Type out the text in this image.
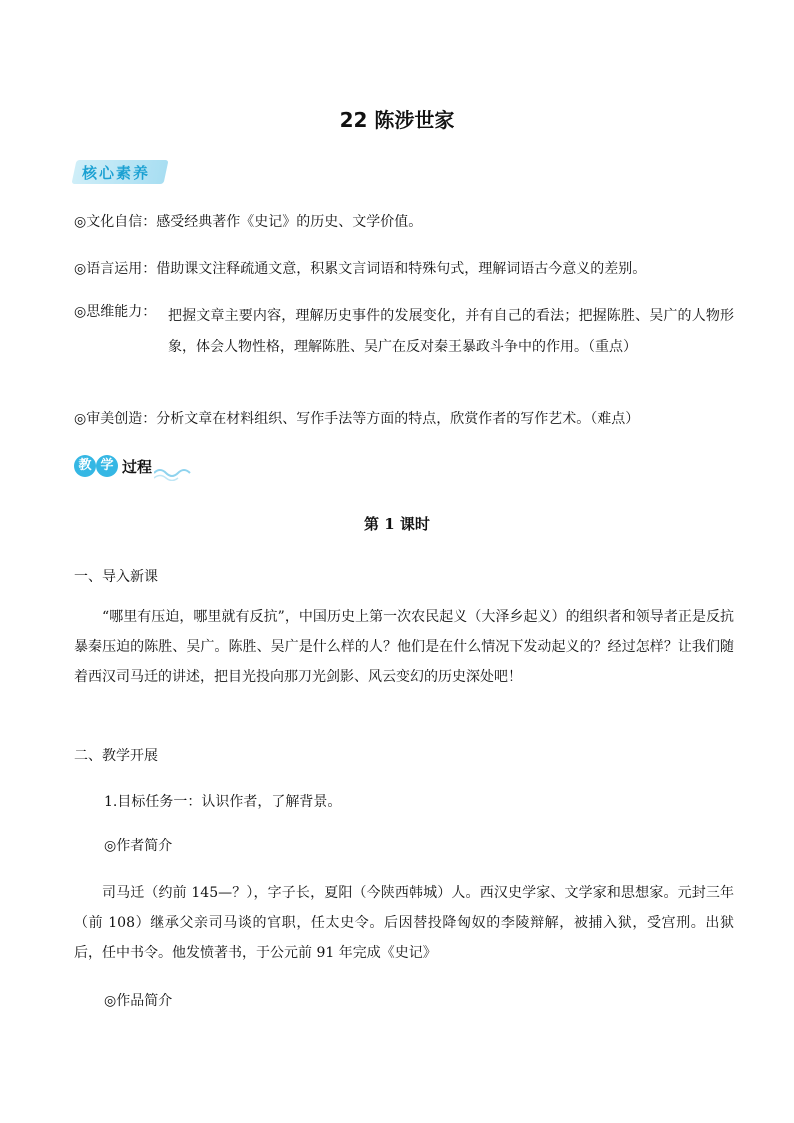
22 陈涉世家
核心素养
◎文化自信：感受经典著作《史记》的历史、文学价值。
◎语言运用：借助课文注释疏通文意，积累文言词语和特殊句式，理解词语古今意义的差别。
◎思维能力： 把握文章主要内容，理解历史事件的发展变化，并有自己的看法；把握陈胜、吴广的人物形象，体会人物性格，理解陈胜、吴广在反对秦王暴政斗争中的作用。（重点）
◎审美创造：分析文章在材料组织、写作手法等方面的特点，欣赏作者的写作艺术。（难点）
教 学 过程
第 1 课时
一、导入新课
“哪里有压迫，哪里就有反抗”，中国历史上第一次农民起义（大泽乡起义）的组织者和领导者正是反抗暴秦压迫的陈胜、吴广。陈胜、吴广是什么样的人？他们是在什么情况下发动起义的？经过怎样？让我们随着西汉司马迁的讲述，把目光投向那刀光剑影、风云变幻的历史深处吧！
二、教学开展
1.目标任务一：认识作者，了解背景。
◎作者简介
司马迁（约前 145—？），字子长，夏阳（今陕西韩城）人。西汉史学家、文学家和思想家。元封三年（前 108）继承父亲司马谈的官职，任太史令。后因替投降匈奴的李陵辩解，被捕入狱，受宫刑。出狱后，任中书令。他发愤著书，于公元前 91 年完成《史记》
◎作品简介
